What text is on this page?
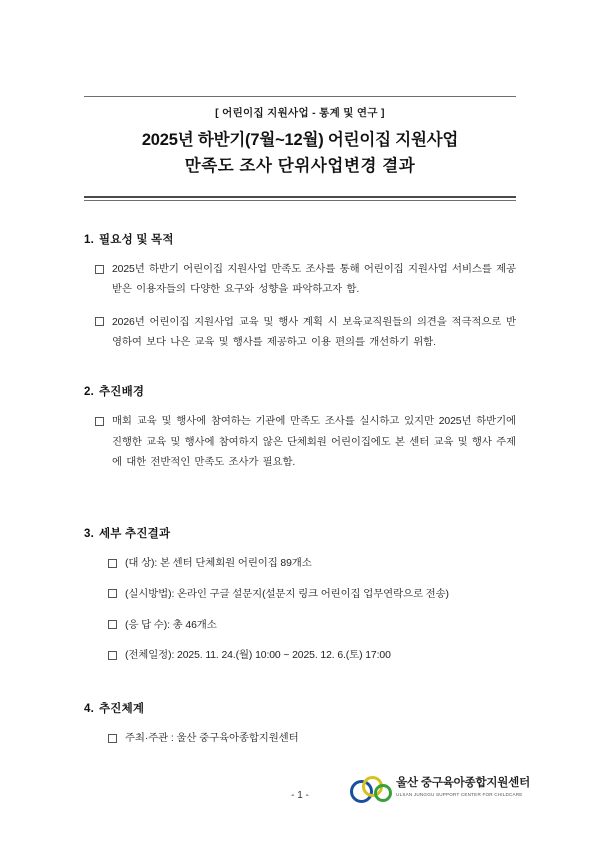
[ 어린이집 지원사업 - 통계 및 연구 ]
2025년 하반기(7월~12월) 어린이집 지원사업
만족도 조사 단위사업변경 결과
1. 필요성 및 목적
2025년 하반기 어린이집 지원사업 만족도 조사를 통해 어린이집 지원사업 서비스를 제공받은 이용자들의 다양한 요구와 성향을 파악하고자 함.
2026년 어린이집 지원사업 교육 및 행사 계획 시 보육교직원들의 의견을 적극적으로 반영하여 보다 나은 교육 및 행사를 제공하고 이용 편의를 개선하기 위함.
2. 추진배경
매회 교육 및 행사에 참여하는 기관에 만족도 조사를 실시하고 있지만 2025년 하반기에 진행한 교육 및 행사에 참여하지 않은 단체회원 어린이집에도 본 센터 교육 및 행사 주제에 대한 전반적인 만족도 조사가 필요함.
3. 세부 추진결과
(대 상): 본 센터 단체회원 어린이집 89개소
(실시방법): 온라인 구글 설문지(설문지 링크 어린이집 업무연락으로 전송)
(응 답 수): 총 46개소
(전체일정): 2025. 11. 24.(월) 10:00 ~ 2025. 12. 6.(토) 17:00
4. 추진체계
주최·주관 : 울산 중구육아종합지원센터
- 1 -
울산 중구육아종합지원센터
ULSAN JUNGGU SUPPORT CENTER FOR CHILDCARE
